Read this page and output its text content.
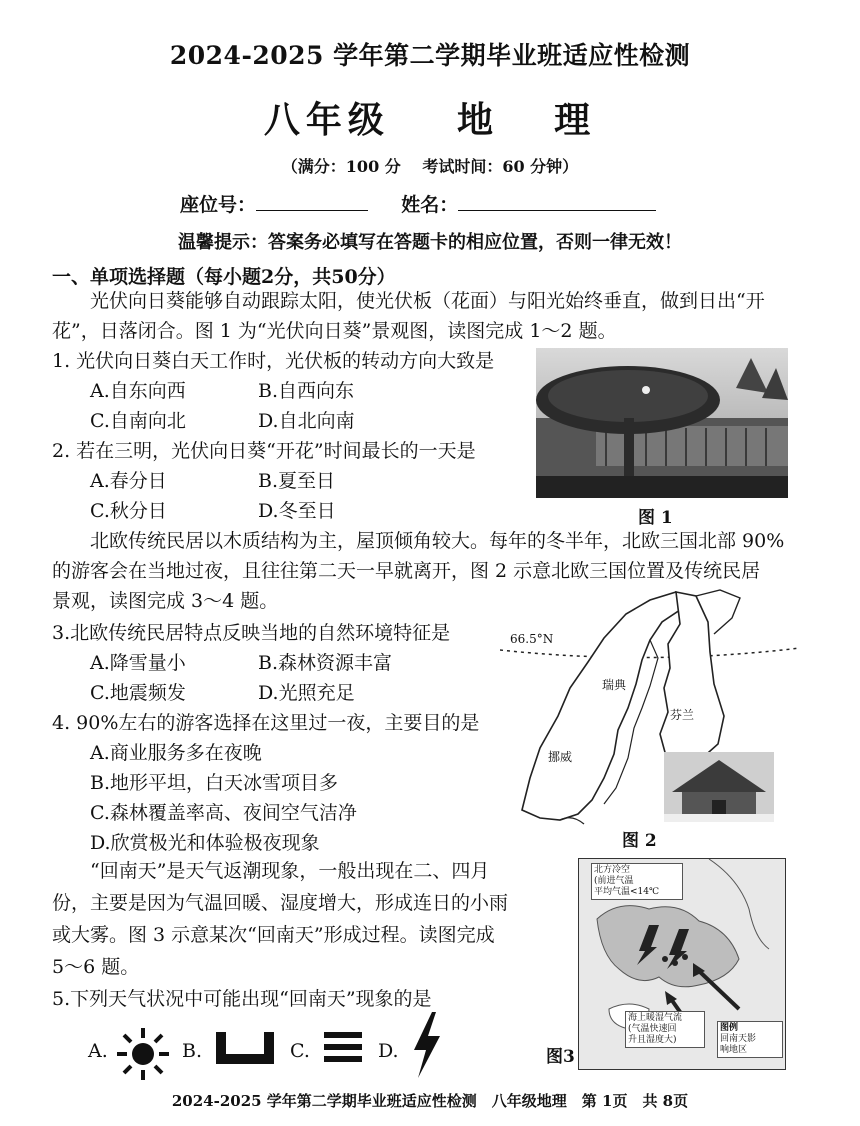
2024-2025 学年第二学期毕业班适应性检测
八年级 地 理
（满分：100 分　 考试时间：60 分钟）
座位号：	姓名：
温馨提示：答案务必填写在答题卡的相应位置，否则一律无效！
一、单项选择题（每小题2分，共50分）

光伏向日葵能够自动跟踪太阳，使光伏板（花面）与阳光始终垂直，做到日出“开

花”，日落闭合。图 1 为“光伏向日葵”景观图，读图完成 1～2 题。

1. 光伏向日葵白天工作时，光伏板的转动方向大致是

A.自东向西	B.自西向东

C.自南向北	D.自北向南

2. 若在三明，光伏向日葵“开花”时间最长的一天是

A.春分日	B.夏至日

C.秋分日	D.冬至日	图 1

北欧传统民居以木质结构为主，屋顶倾角较大。每年的冬半年，北欧三国北部 90%

的游客会在当地过夜，且往往第二天一早就离开，图 2 示意北欧三国位置及传统民居

景观，读图完成 3～4 题。

3.北欧传统民居特点反映当地的自然环境特征是

A.降雪量小	B.森林资源丰富

C.地震频发	D.光照充足

4. 90%左右的游客选择在这里过一夜，主要目的是

A.商业服务多在夜晚

B.地形平坦，白天冰雪项目多

C.森林覆盖率高、夜间空气洁净

D.欣赏极光和体验极夜现象

66.5°N
瑞典
芬兰
挪威
图 2

“回南天”是天气返潮现象，一般出现在二、四月

份，主要是因为气温回暖、湿度增大，形成连日的小雨

或大雾。图 3 示意某次“回南天”形成过程。读图完成

5～6 题。

5.下列天气状况中可能出现“回南天”现象的是

A.	B.	C.	D.
北方冷空
(前进气温
平均气温<14℃
海上暖湿气流
(气温快速回
升且湿度大)
图例
回南天影
响地区
图3
2024-2025 学年第二学期毕业班适应性检测　八年级地理　第 1页　共 8页
